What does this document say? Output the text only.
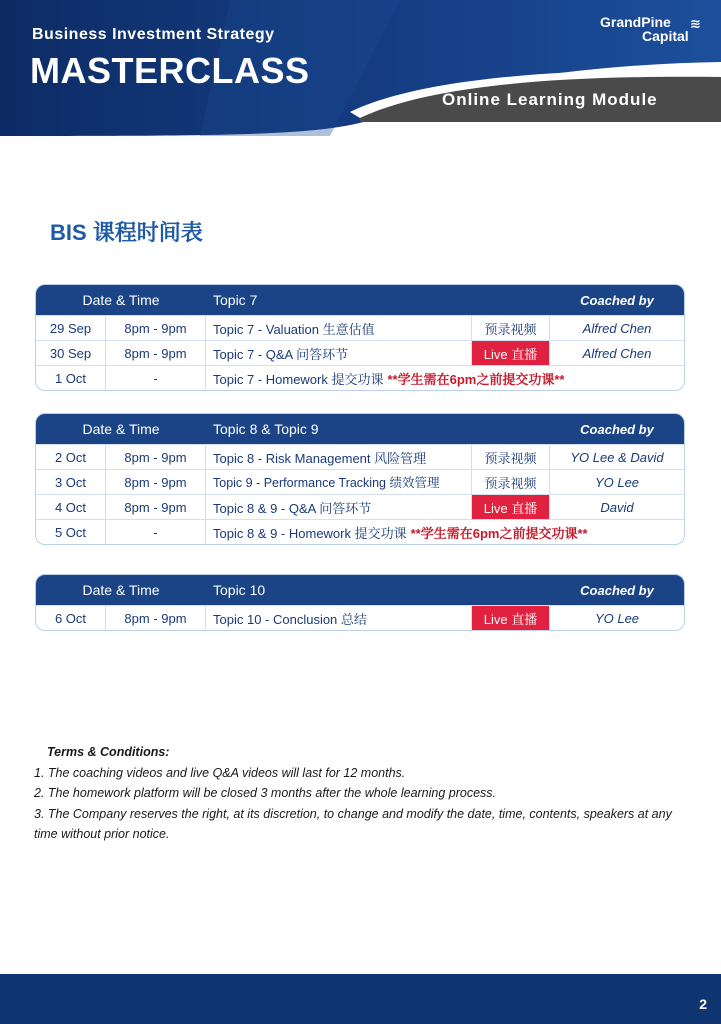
Business Investment Strategy
MASTERCLASS
GrandPine
Capital
≋
Online Learning Module
BIS 课程时间表
Date & Time	Topic 7	Coached by
29 Sep	8pm - 9pm	Topic 7 - Valuation 生意估值	预录视频	Alfred Chen
30 Sep	8pm - 9pm	Topic 7 - Q&A 问答环节	Live 直播	Alfred Chen
1 Oct	-	Topic 7 - Homework 提交功课 **学生需在6pm之前提交功课**
Date & Time	Topic 8 & Topic 9	Coached by
2 Oct	8pm - 9pm	Topic 8 - Risk Management 风险管理	预录视频	YO Lee & David
3 Oct	8pm - 9pm	Topic 9 - Performance Tracking 绩效管理	预录视频	YO Lee
4 Oct	8pm - 9pm	Topic 8 & 9 - Q&A 问答环节	Live 直播	David
5 Oct	-	Topic 8 & 9 - Homework 提交功课 **学生需在6pm之前提交功课**
Date & Time	Topic 10	Coached by
6 Oct	8pm - 9pm	Topic 10 - Conclusion 总结	Live 直播	YO Lee
Terms & Conditions:
1. The coaching videos and live Q&A videos will last for 12 months.
2. The homework platform will be closed 3 months after the whole learning process.
3. The Company reserves the right, at its discretion, to change and modify the date, time, contents, speakers at any time without prior notice.
2
